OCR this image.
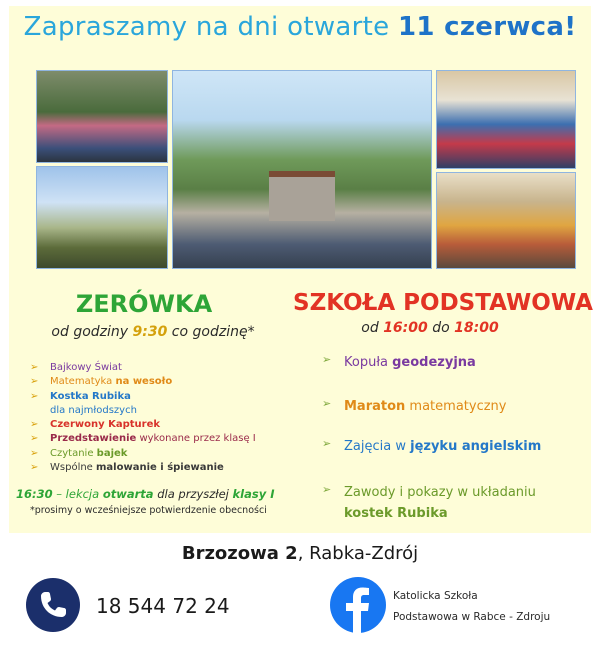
Zapraszamy na dni otwarte 11 czerwca!
ZERÓWKA
od godziny 9:30 co godzinę*
➢ Bajkowy Świat
➢ Matematyka na wesoło
➢ Kostka Rubika
dla najmłodszych
➢ Czerwony Kapturek
➢ Przedstawienie wykonane przez klasę I
➢ Czytanie bajek
➢ Wspólne malowanie i śpiewanie
16:30 – lekcja otwarta dla przyszłej klasy I
*prosimy o wcześniejsze potwierdzenie obecności
SZKOŁA PODSTAWOWA
od 16:00 do 18:00
➢ Kopuła geodezyjna
➢ Maraton matematyczny
➢ Zajęcia w języku angielskim
➢ Zawody i pokazy w układaniu
kostek Rubika
Brzozowa 2, Rabka-Zdrój
18 544 72 24	Katolicka Szkoła
Podstawowa w Rabce - Zdroju
